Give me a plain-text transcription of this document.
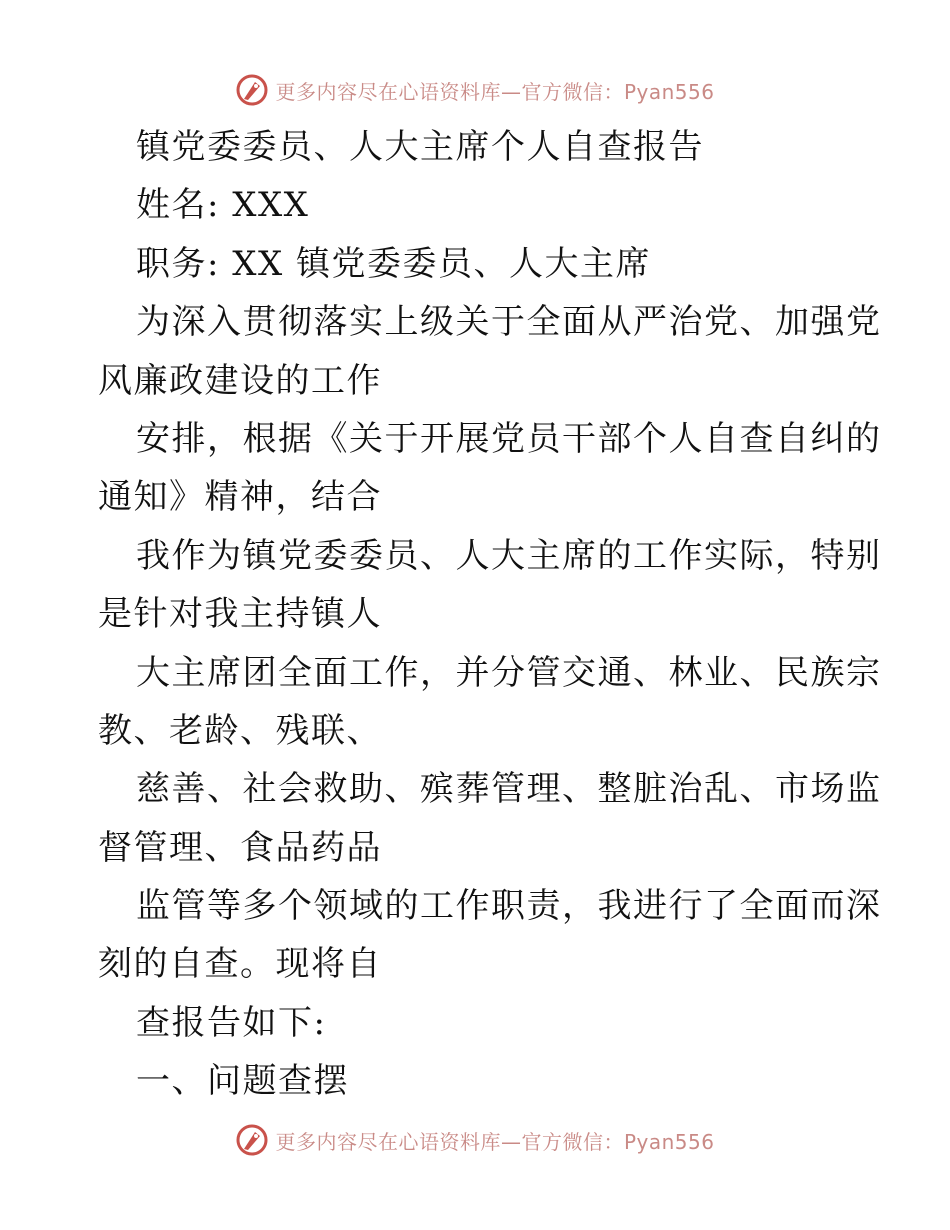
更多内容尽在心语资料库—官方微信：Pyan556
镇党委委员、人大主席个人自查报告
姓名: XXX
职务: XX 镇党委委员、人大主席
为深入贯彻落实上级关于全面从严治党、加强党
风廉政建设的工作
安排，根据《关于开展党员干部个人自查自纠的
通知》精神，结合
我作为镇党委委员、人大主席的工作实际，特别
是针对我主持镇人
大主席团全面工作，并分管交通、林业、民族宗
教、老龄、残联、
慈善、社会救助、殡葬管理、整脏治乱、市场监
督管理、食品药品
监管等多个领域的工作职责，我进行了全面而深
刻的自查。现将自
查报告如下:
一、问题查摆
更多内容尽在心语资料库—官方微信：Pyan556
